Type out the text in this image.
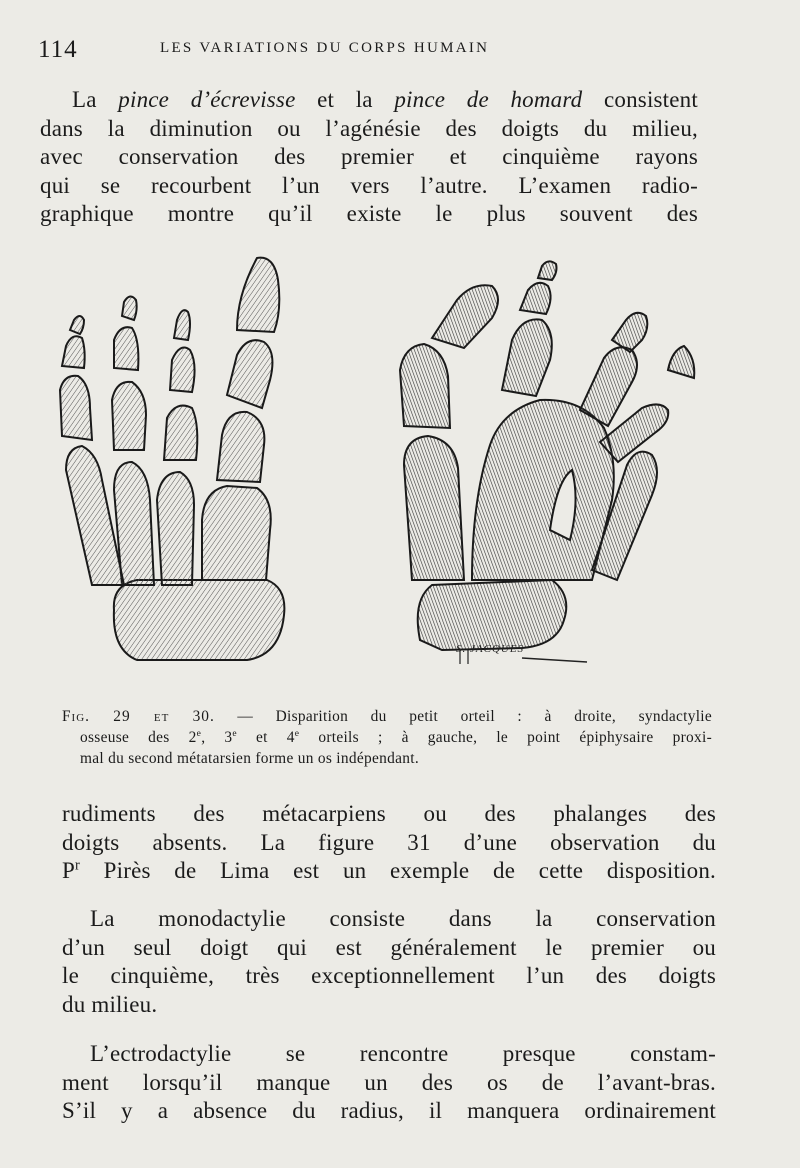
114	LES VARIATIONS DU CORPS HUMAIN

La pince d’écrevisse et la pince de homard consistent
dans la diminution ou l’agénésie des doigts du milieu,
avec conservation des premier et cinquième rayons
qui se recourbent l’un vers l’autre. L’examen radio-
graphique montre qu’il existe le plus souvent des

S. JACQUES
Fig. 29 et 30. — Disparition du petit orteil : à droite, syndactylie
osseuse des 2e, 3e et 4e orteils ; à gauche, le point épiphysaire proxi-
mal du second métatarsien forme un os indépendant.

rudiments des métacarpiens ou des phalanges des
doigts absents. La figure 31 d’une observation du
$P^r$ Pirès de Lima est un exemple de cette disposition.

La monodactylie consiste dans la conservation
d’un seul doigt qui est généralement le premier ou
le cinquième, très exceptionnellement l’un des doigts
du milieu.

L’ectrodactylie se rencontre presque constam-
ment lorsqu’il manque un des os de l’avant-bras.
S’il y a absence du radius, il manquera ordinairement
